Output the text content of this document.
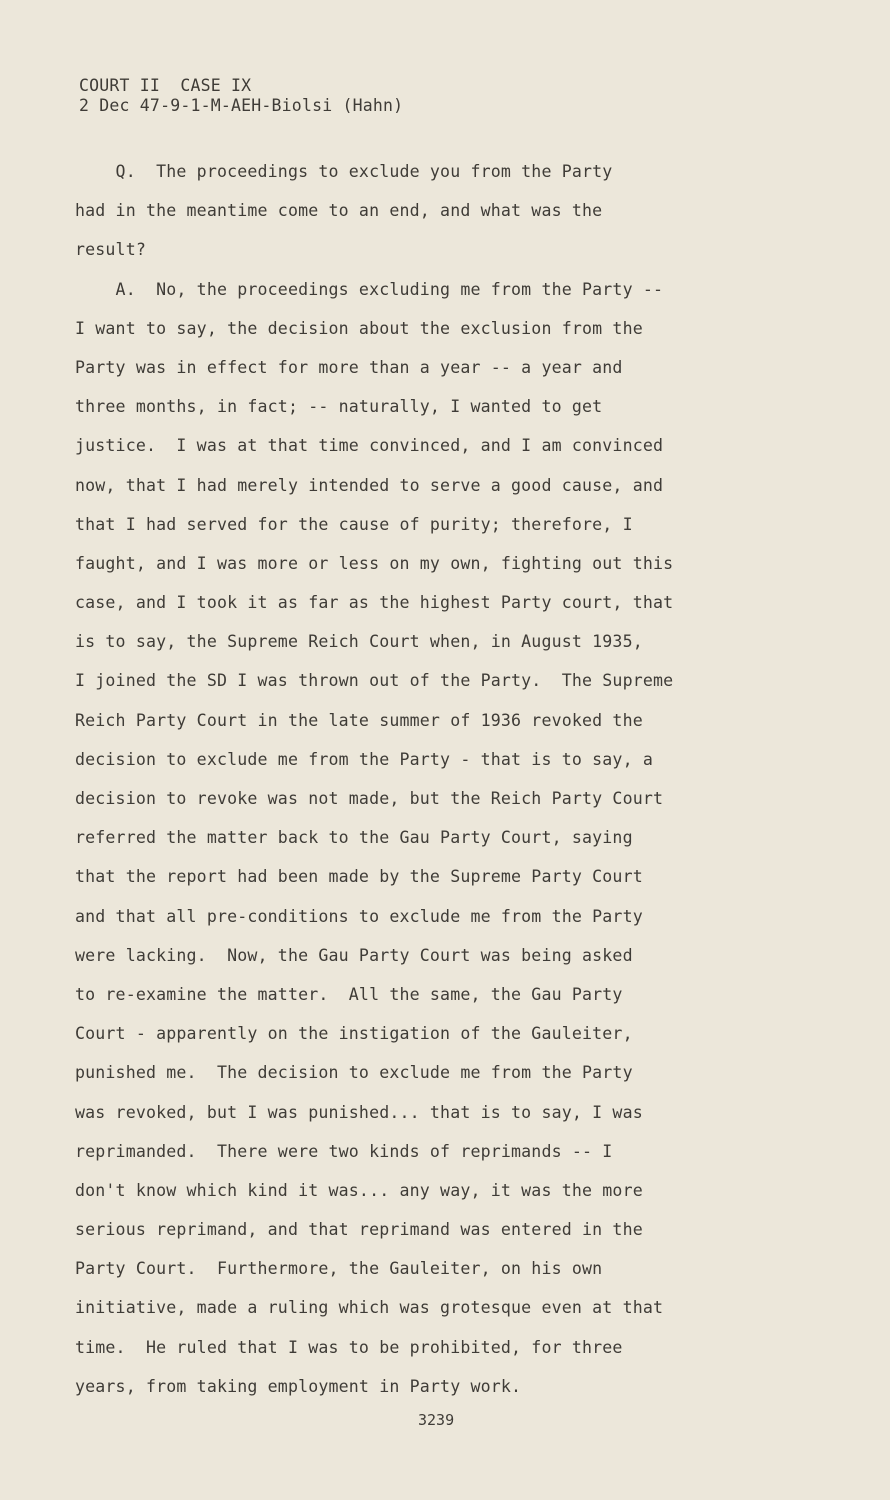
COURT II  CASE IX
2 Dec 47-9-1-M-AEH-Biolsi (Hahn)
Q.  The proceedings to exclude you from the Party
had in the meantime come to an end, and what was the
result?
A.  No, the proceedings excluding me from the Party --
I want to say, the decision about the exclusion from the
Party was in effect for more than a year -- a year and
three months, in fact; -- naturally, I wanted to get
justice.  I was at that time convinced, and I am convinced
now, that I had merely intended to serve a good cause, and
that I had served for the cause of purity; therefore, I
faught, and I was more or less on my own, fighting out this
case, and I took it as far as the highest Party court, that
is to say, the Supreme Reich Court when, in August 1935,
I joined the SD I was thrown out of the Party.  The Supreme
Reich Party Court in the late summer of 1936 revoked the
decision to exclude me from the Party - that is to say, a
decision to revoke was not made, but the Reich Party Court
referred the matter back to the Gau Party Court, saying
that the report had been made by the Supreme Party Court
and that all pre-conditions to exclude me from the Party
were lacking.  Now, the Gau Party Court was being asked
to re-examine the matter.  All the same, the Gau Party
Court - apparently on the instigation of the Gauleiter,
punished me.  The decision to exclude me from the Party
was revoked, but I was punished... that is to say, I was
reprimanded.  There were two kinds of reprimands -- I
don't know which kind it was... any way, it was the more
serious reprimand, and that reprimand was entered in the
Party Court.  Furthermore, the Gauleiter, on his own
initiative, made a ruling which was grotesque even at that
time.  He ruled that I was to be prohibited, for three
years, from taking employment in Party work.
3239
